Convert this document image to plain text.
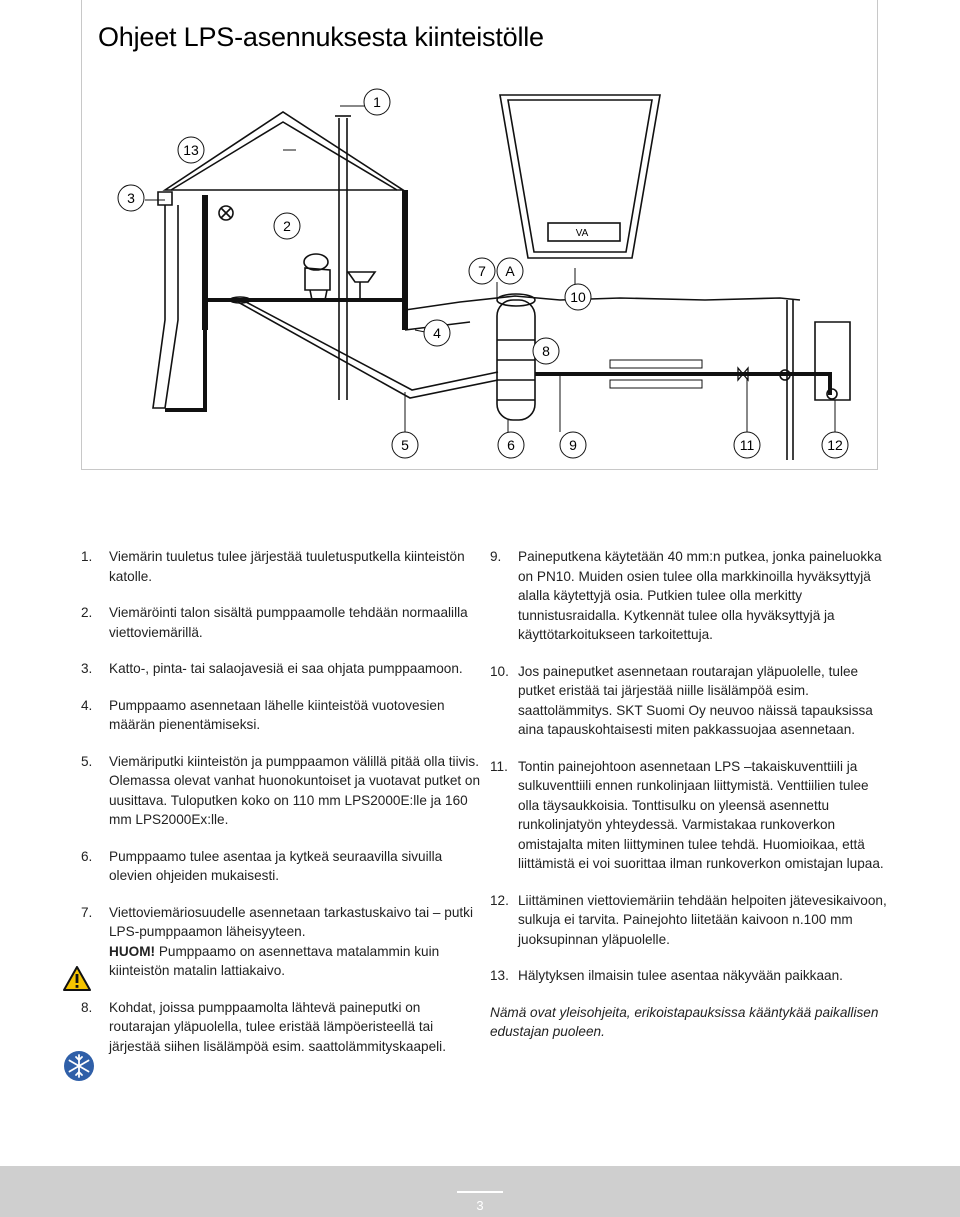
Ohjeet LPS-asennuksesta kiinteistölle
1
13
3
2
7 A
10
4
8
5	6	9	11	12
VA
1. Viemärin tuuletus tulee järjestää tuuletusputkella kiinteistön katolle.

2. Viemäröinti talon sisältä pumppaamolle tehdään normaalilla viettoviemärillä.

3. Katto-, pinta- tai salaojavesiä ei saa ohjata pumppaamoon.

4. Pumppaamo asennetaan lähelle kiinteistöä vuotovesien määrän pienentämiseksi.

5. Viemäriputki kiinteistön ja pumppaamon välillä pitää olla tiivis. Olemassa olevat vanhat huonokuntoiset ja vuotavat putket on uusittava. Tuloputken koko on 110 mm LPS2000E:lle ja 160 mm LPS2000Ex:lle.

6. Pumppaamo tulee asentaa ja kytkeä seuraavilla sivuilla olevien ohjeiden mukaisesti.

7. Viettoviemäriosuudelle asennetaan tarkastuskaivo tai – putki LPS-pumppaamon läheisyyteen.

HUOM! Pumppaamo on asennettava matalammin kuin kiinteistön matalin lattiakaivo.

8. Kohdat, joissa pumppaamolta lähtevä paineputki on routarajan yläpuolella, tulee eristää lämpöeristeellä tai järjestää siihen lisälämpöä esim. saattolämmityskaapeli.

9. Paineputkena käytetään 40 mm:n putkea, jonka paineluokka on PN10. Muiden osien tulee olla markkinoilla hyväksyttyjä alalla käytettyjä osia. Putkien tulee olla merkitty tunnistusraidalla. Kytkennät tulee olla hyväksyttyjä ja käyttötarkoitukseen tarkoitettuja.

10. Jos paineputket asennetaan routarajan yläpuolelle, tulee putket eristää tai järjestää niille lisälämpöä esim. saattolämmitys. SKT Suomi Oy neuvoo näissä tapauksissa aina tapauskohtaisesti miten pakkassuojaa asennetaan.

11. Tontin painejohtoon asennetaan LPS –takaiskuventtiili ja sulkuventtiili ennen runkolinjaan liittymistä. Venttiilien tulee olla täysaukkoisia. Tonttisulku on yleensä asennettu runkolinjatyön yhteydessä. Varmistakaa runkoverkon omistajalta miten liittyminen tulee tehdä. Huomioikaa, että liittämistä ei voi suorittaa ilman runkoverkon omistajan lupaa.

12. Liittäminen viettoviemäriin tehdään helpoiten jätevesikaivoon, sulkuja ei tarvita. Painejohto liitetään kaivoon n.100 mm juoksupinnan yläpuolelle.

13. Hälytyksen ilmaisin tulee asentaa näkyvään paikkaan.

Nämä ovat yleisohjeita, erikoistapauksissa kääntykää paikallisen edustajan puoleen.
3
